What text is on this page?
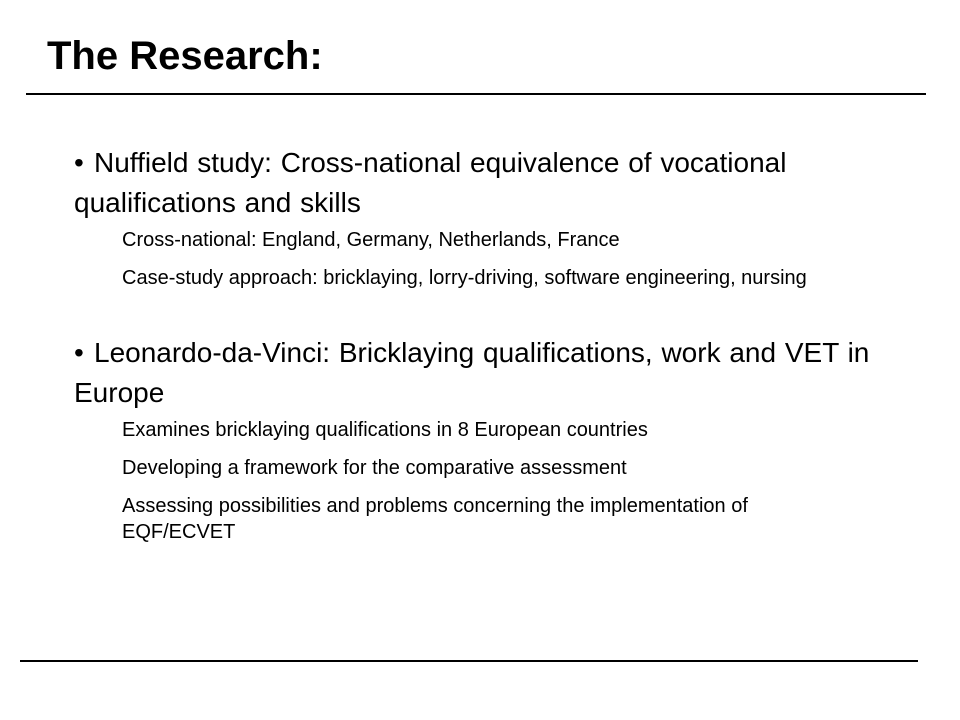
The Research:

• Nuffield study: Cross-national equivalence of vocational qualifications and skills

Cross-national: England, Germany, Netherlands, France
Case-study approach: bricklaying, lorry-driving, software engineering, nursing

• Leonardo-da-Vinci: Bricklaying qualifications, work and VET in Europe

Examines bricklaying qualifications in 8 European countries
Developing a framework for the comparative assessment
Assessing possibilities and problems concerning the implementation of EQF/ECVET
